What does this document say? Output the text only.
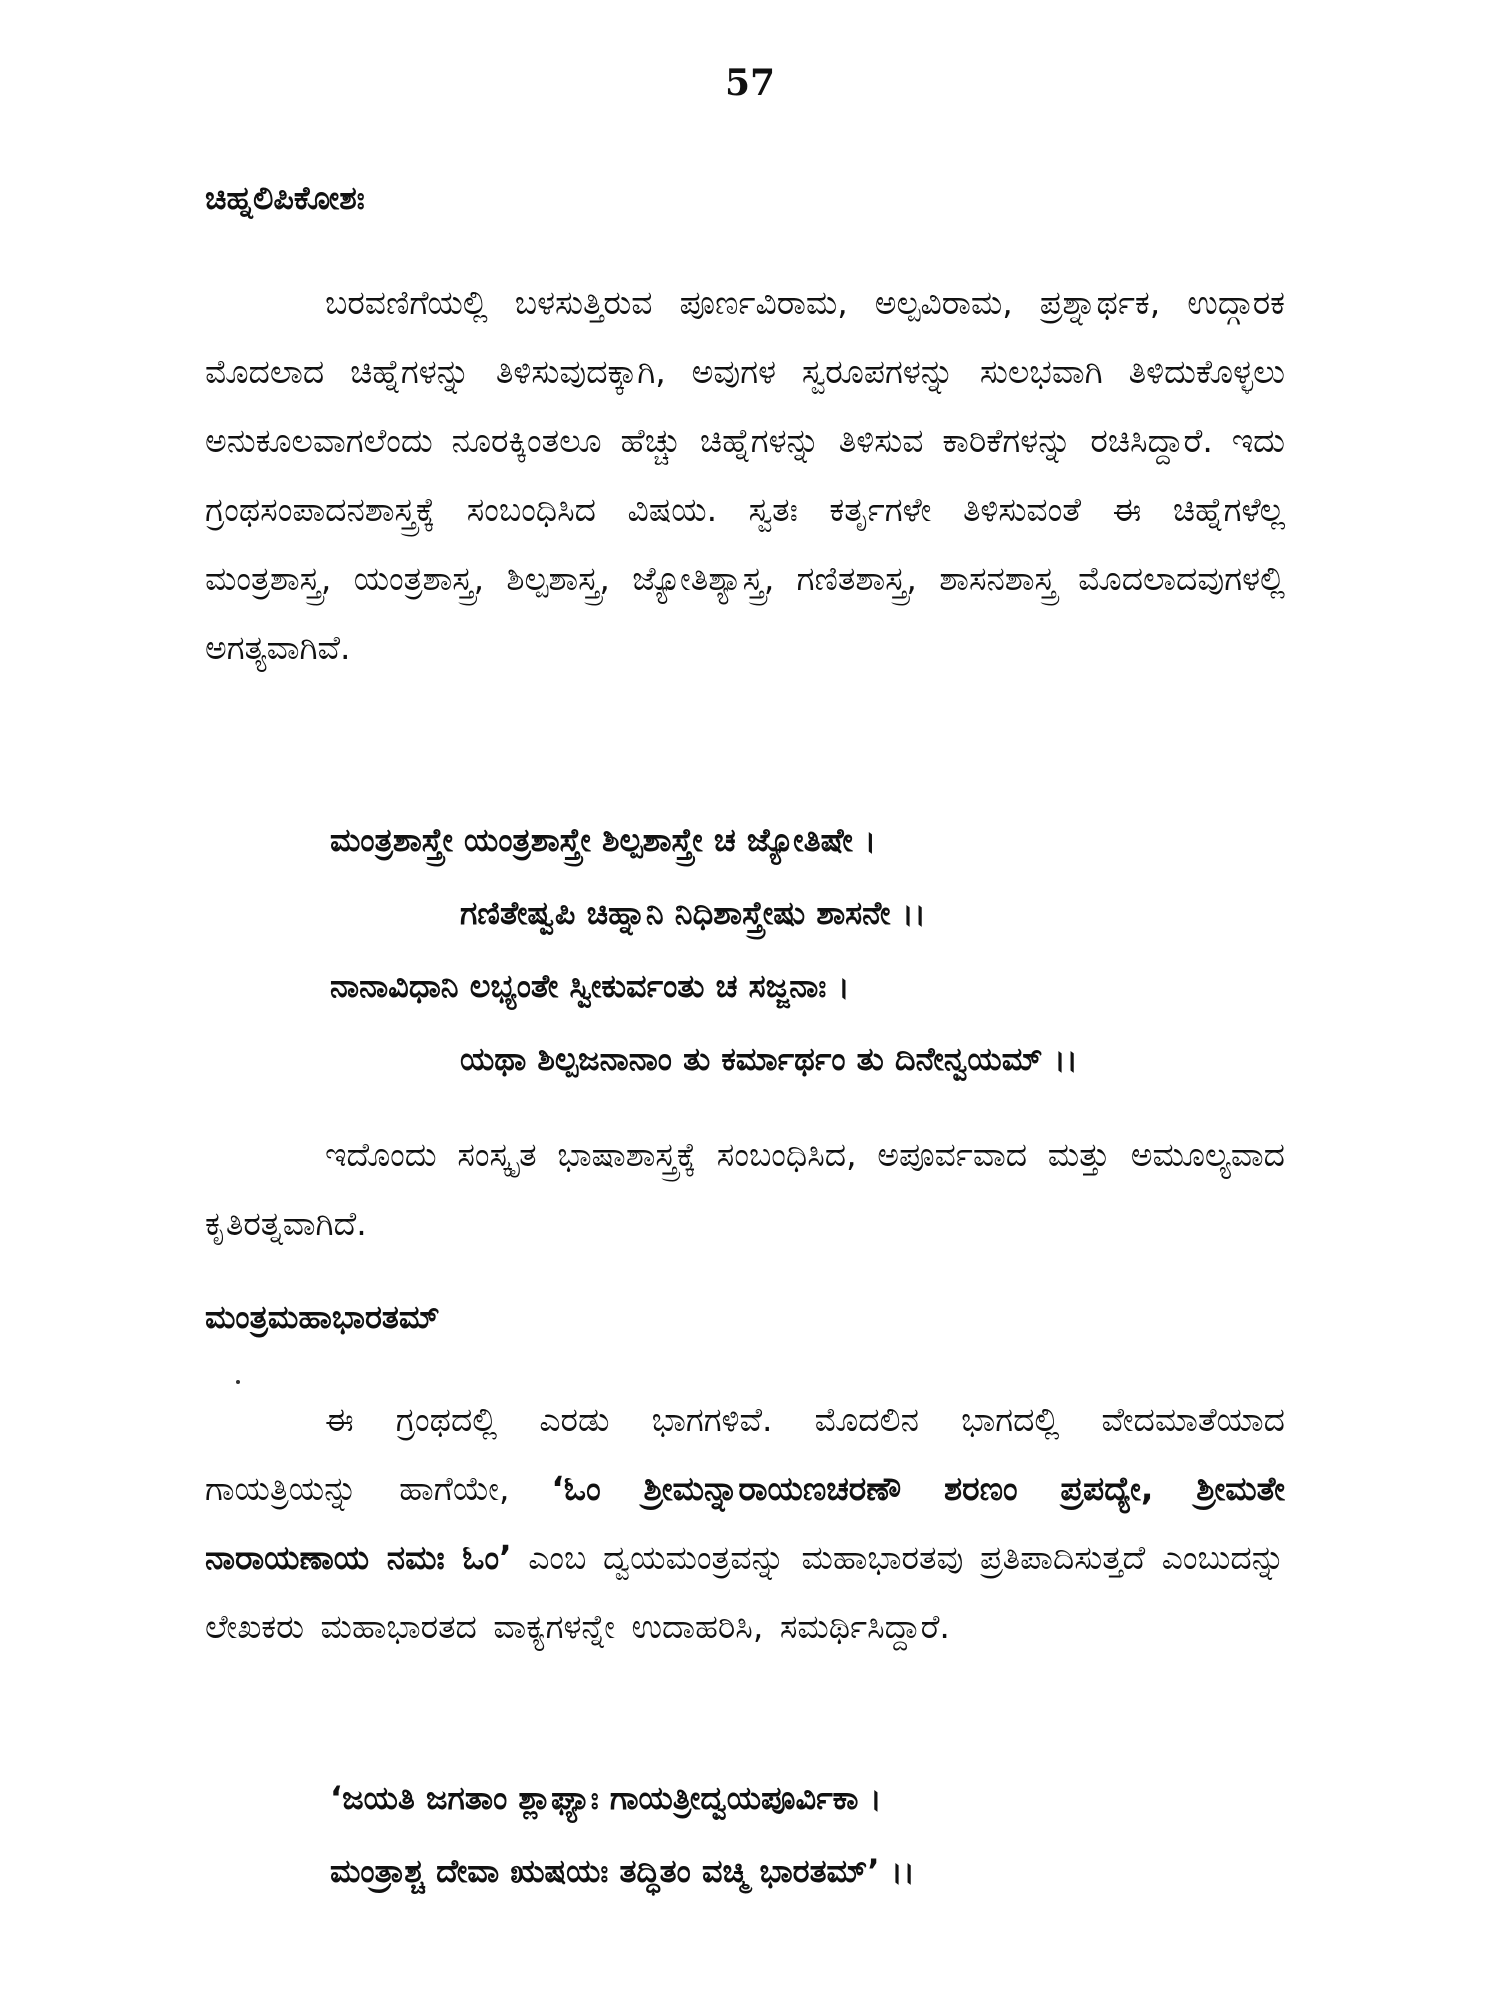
57
ಚಿಹ್ನಲಿಪಿಕೋಶಃ
ಬರವಣಿಗೆಯಲ್ಲಿ ಬಳಸುತ್ತಿರುವ ಪೂರ್ಣವಿರಾಮ, ಅಲ್ಪವಿರಾಮ, ಪ್ರಶ್ನಾರ್ಥಕ, ಉದ್ಗಾರಕ ಮೊದಲಾದ ಚಿಹ್ನೆಗಳನ್ನು ತಿಳಿಸುವುದಕ್ಕಾಗಿ, ಅವುಗಳ ಸ್ವರೂಪಗಳನ್ನು ಸುಲಭವಾಗಿ ತಿಳಿದುಕೊಳ್ಳಲು ಅನುಕೂಲವಾಗಲೆಂದು ನೂರಕ್ಕಿಂತಲೂ ಹೆಚ್ಚು ಚಿಹ್ನೆಗಳನ್ನು ತಿಳಿಸುವ ಕಾರಿಕೆಗಳನ್ನು ರಚಿಸಿದ್ದಾರೆ. ಇದು ಗ್ರಂಥಸಂಪಾದನಶಾಸ್ತ್ರಕ್ಕೆ ಸಂಬಂಧಿಸಿದ ವಿಷಯ. ಸ್ವತಃ ಕರ್ತೃಗಳೇ ತಿಳಿಸುವಂತೆ ಈ ಚಿಹ್ನೆಗಳೆಲ್ಲ ಮಂತ್ರಶಾಸ್ತ್ರ, ಯಂತ್ರಶಾಸ್ತ್ರ, ಶಿಲ್ಪಶಾಸ್ತ್ರ, ಜ್ಯೋತಿಶ್ಯಾಸ್ತ್ರ, ಗಣಿತಶಾಸ್ತ್ರ, ಶಾಸನಶಾಸ್ತ್ರ ಮೊದಲಾದವುಗಳಲ್ಲಿ ಅಗತ್ಯವಾಗಿವೆ.
ಮಂತ್ರಶಾಸ್ತ್ರೇ ಯಂತ್ರಶಾಸ್ತ್ರೇ ಶಿಲ್ಪಶಾಸ್ತ್ರೇ ಚ ಜ್ಯೋತಿಷೇ ।
ಗಣಿತೇಷ್ವಪಿ ಚಿಹ್ನಾನಿ ನಿಧಿಶಾಸ್ತ್ರೇಷು ಶಾಸನೇ ।।
ನಾನಾವಿಧಾನಿ ಲಭ್ಯಂತೇ ಸ್ವೀಕುರ್ವಂತು ಚ ಸಜ್ಜನಾಃ ।
ಯಥಾ ಶಿಲ್ಪಜನಾನಾಂ ತು ಕರ್ಮಾರ್ಥಂ ತು ದಿನೇನ್ವಯಮ್ ।।
ಇದೊಂದು ಸಂಸ್ಕೃತ ಭಾಷಾಶಾಸ್ತ್ರಕ್ಕೆ ಸಂಬಂಧಿಸಿದ, ಅಪೂರ್ವವಾದ ಮತ್ತು ಅಮೂಲ್ಯವಾದ ಕೃತಿರತ್ನವಾಗಿದೆ.
ಮಂತ್ರಮಹಾಭಾರತಮ್
ಈ ಗ್ರಂಥದಲ್ಲಿ ಎರಡು ಭಾಗಗಳಿವೆ. ಮೊದಲಿನ ಭಾಗದಲ್ಲಿ ವೇದಮಾತೆಯಾದ ಗಾಯತ್ರಿಯನ್ನು ಹಾಗೆಯೇ, ‘ಓಂ ಶ್ರೀಮನ್ನಾರಾಯಣಚರಣೌ ಶರಣಂ ಪ್ರಪದ್ಯೇ, ಶ್ರೀಮತೇ ನಾರಾಯಣಾಯ ನಮಃ ಓಂ’ ಎಂಬ ದ್ವಯಮಂತ್ರವನ್ನು ಮಹಾಭಾರತವು ಪ್ರತಿಪಾದಿಸುತ್ತದೆ ಎಂಬುದನ್ನು ಲೇಖಕರು ಮಹಾಭಾರತದ ವಾಕ್ಯಗಳನ್ನೇ ಉದಾಹರಿಸಿ, ಸಮರ್ಥಿಸಿದ್ದಾರೆ.
‘ಜಯತಿ ಜಗತಾಂ ಶ್ಲಾಘ್ಯಾಃ ಗಾಯತ್ರೀದ್ವಯಪೂರ್ವಿಕಾ ।
ಮಂತ್ರಾಶ್ಚ ದೇವಾ ಋಷಯಃ ತದ್ಧಿತಂ ವಚ್ಮಿ ಭಾರತಮ್’ ।।
